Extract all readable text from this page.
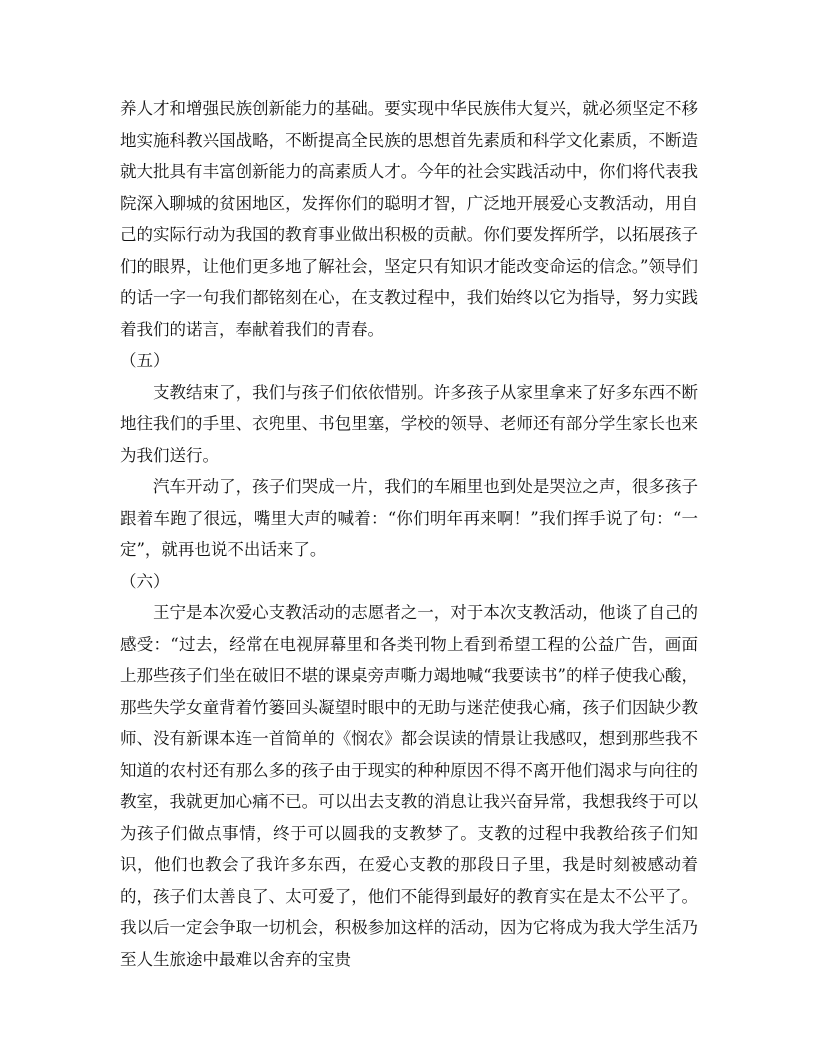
养人才和增强民族创新能力的基础。要实现中华民族伟大复兴，就必须坚定不移地实施科教兴国战略，不断提高全民族的思想首先素质和科学文化素质，不断造就大批具有丰富创新能力的高素质人才。今年的社会实践活动中，你们将代表我院深入聊城的贫困地区，发挥你们的聪明才智，广泛地开展爱心支教活动，用自己的实际行动为我国的教育事业做出积极的贡献。你们要发挥所学，以拓展孩子们的眼界，让他们更多地了解社会，坚定只有知识才能改变命运的信念。”领导们的话一字一句我们都铭刻在心，在支教过程中，我们始终以它为指导，努力实践着我们的诺言，奉献着我们的青春。

（五）

支教结束了，我们与孩子们依依惜别。许多孩子从家里拿来了好多东西不断地往我们的手里、衣兜里、书包里塞，学校的领导、老师还有部分学生家长也来为我们送行。

汽车开动了，孩子们哭成一片，我们的车厢里也到处是哭泣之声，很多孩子跟着车跑了很远，嘴里大声的喊着：“你们明年再来啊！”我们挥手说了句：“一定”，就再也说不出话来了。

（六）

王宁是本次爱心支教活动的志愿者之一，对于本次支教活动，他谈了自己的感受：“过去，经常在电视屏幕里和各类刊物上看到希望工程的公益广告，画面上那些孩子们坐在破旧不堪的课桌旁声嘶力竭地喊“我要读书”的样子使我心酸，那些失学女童背着竹篓回头凝望时眼中的无助与迷茫使我心痛，孩子们因缺少教师、没有新课本连一首简单的《悯农》都会误读的情景让我感叹，想到那些我不知道的农村还有那么多的孩子由于现实的种种原因不得不离开他们渴求与向往的教室，我就更加心痛不已。可以出去支教的消息让我兴奋异常，我想我终于可以为孩子们做点事情，终于可以圆我的支教梦了。支教的过程中我教给孩子们知识，他们也教会了我许多东西，在爱心支教的那段日子里，我是时刻被感动着的，孩子们太善良了、太可爱了，他们不能得到最好的教育实在是太不公平了。我以后一定会争取一切机会，积极参加这样的活动，因为它将成为我大学生活乃至人生旅途中最难以舍弃的宝贵
